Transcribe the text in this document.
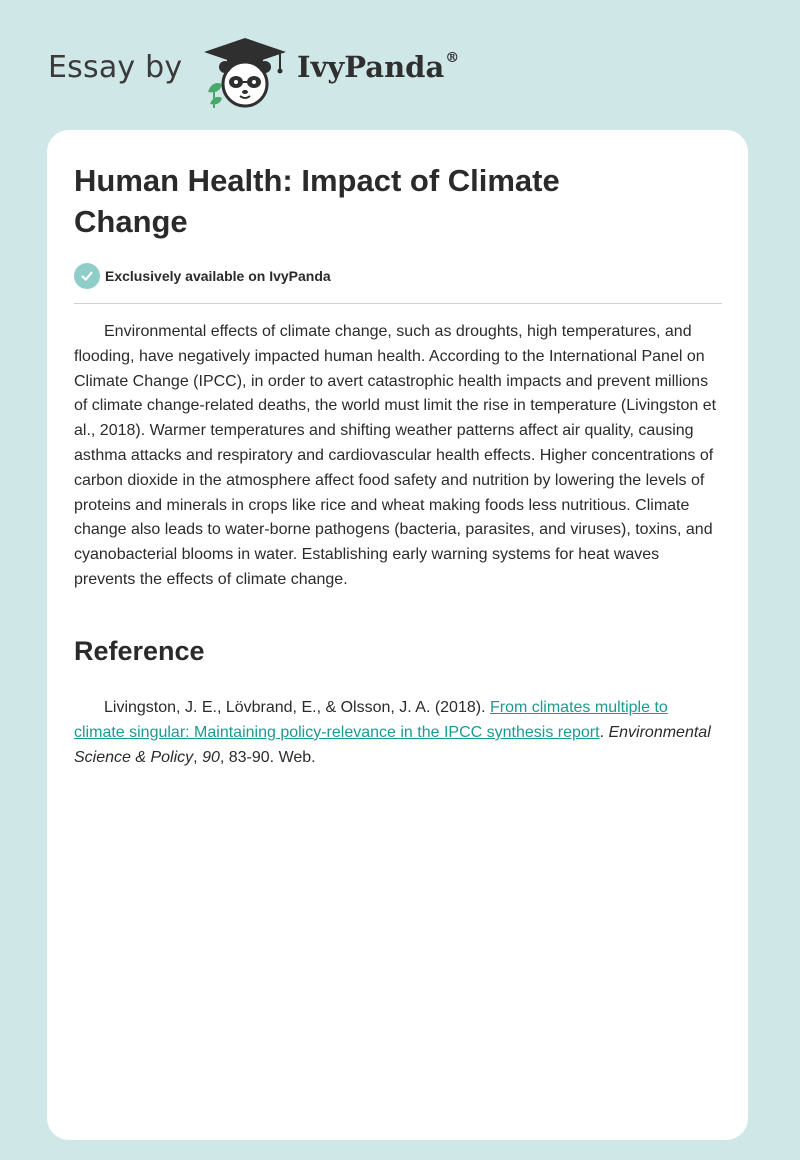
Essay by	IvyPanda®
Human Health: Impact of Climate Change
Exclusively available on IvyPanda

Environmental effects of climate change, such as droughts, high temperatures, and flooding, have negatively impacted human health. According to the International Panel on Climate Change (IPCC), in order to avert catastrophic health impacts and prevent millions of climate change-related deaths, the world must limit the rise in temperature (Livingston et al., 2018). Warmer temperatures and shifting weather patterns affect air quality, causing asthma attacks and respiratory and cardiovascular health effects. Higher concentrations of carbon dioxide in the atmosphere affect food safety and nutrition by lowering the levels of proteins and minerals in crops like rice and wheat making foods less nutritious. Climate change also leads to water-borne pathogens (bacteria, parasites, and viruses), toxins, and cyanobacterial blooms in water. Establishing early warning systems for heat waves prevents the effects of climate change.

Reference

Livingston, J. E., Lövbrand, E., & Olsson, J. A. (2018). From climates multiple to climate singular: Maintaining policy-relevance in the IPCC synthesis report. Environmental Science & Policy, 90, 83-90. Web.
